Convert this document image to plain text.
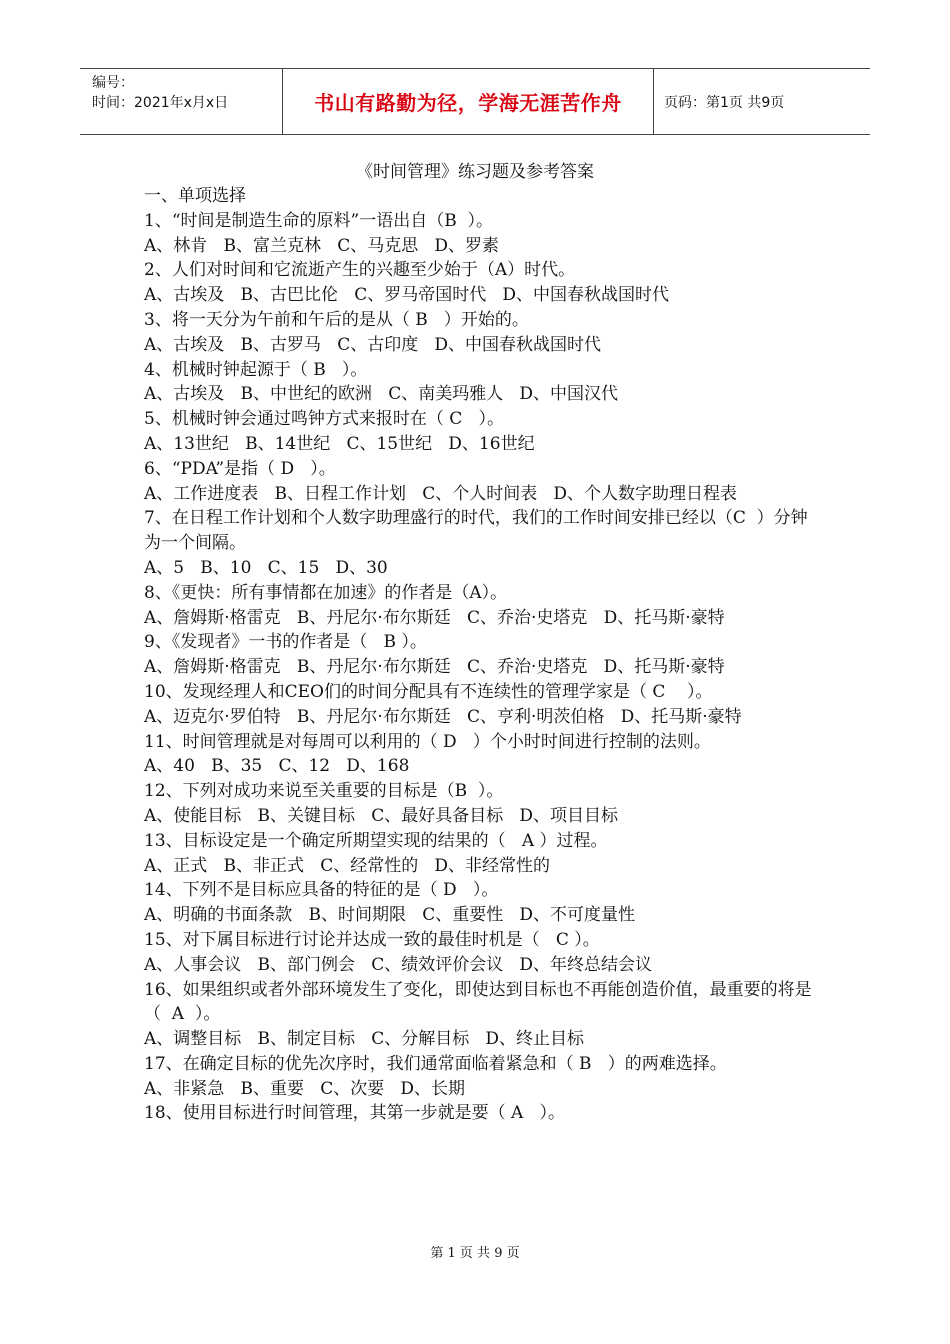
编号：
时间：2021年x月x日	书山有路勤为径，学海无涯苦作舟	页码：第1页 共9页
《时间管理》练习题及参考答案
一、单项选择
1、“时间是制造生命的原料”一语出自（B  ）。
A、林肯   B、富兰克林   C、马克思   D、罗素
2、人们对时间和它流逝产生的兴趣至少始于（A）时代。
A、古埃及   B、古巴比伦   C、罗马帝国时代   D、中国春秋战国时代
3、将一天分为午前和午后的是从（ B   ）开始的。
A、古埃及   B、古罗马   C、古印度   D、中国春秋战国时代
4、机械时钟起源于（ B   ）。
A、古埃及   B、中世纪的欧洲   C、南美玛雅人   D、中国汉代
5、机械时钟会通过鸣钟方式来报时在（ C   ）。
A、13世纪   B、14世纪   C、15世纪   D、16世纪
6、“PDA”是指（ D   ）。
A、工作进度表   B、日程工作计划   C、个人时间表   D、个人数字助理日程表
7、在日程工作计划和个人数字助理盛行的时代，我们的工作时间安排已经以（C  ）分钟为一个间隔。
A、5   B、10   C、15   D、30
8、《更快：所有事情都在加速》的作者是（A）。
A、詹姆斯·格雷克   B、丹尼尔·布尔斯廷   C、乔治·史塔克   D、托马斯·豪特
9、《发现者》一书的作者是（   B ）。
A、詹姆斯·格雷克   B、丹尼尔·布尔斯廷   C、乔治·史塔克   D、托马斯·豪特
10、发现经理人和CEO们的时间分配具有不连续性的管理学家是（ C    ）。
A、迈克尔·罗伯特   B、丹尼尔·布尔斯廷   C、亨利·明茨伯格   D、托马斯·豪特
11、时间管理就是对每周可以利用的（ D   ）个小时时间进行控制的法则。
A、40   B、35   C、12   D、168
12、下列对成功来说至关重要的目标是（B  ）。
A、使能目标   B、关键目标   C、最好具备目标   D、项目目标
13、目标设定是一个确定所期望实现的结果的（   A ）过程。
A、正式   B、非正式   C、经常性的   D、非经常性的
14、下列不是目标应具备的特征的是（ D   ）。
A、明确的书面条款   B、时间期限   C、重要性   D、不可度量性
15、对下属目标进行讨论并达成一致的最佳时机是（   C ）。
A、人事会议   B、部门例会   C、绩效评价会议   D、年终总结会议
16、如果组织或者外部环境发生了变化，即使达到目标也不再能创造价值，最重要的将是（  A  ）。
A、调整目标   B、制定目标   C、分解目标   D、终止目标
17、在确定目标的优先次序时，我们通常面临着紧急和（ B   ）的两难选择。
A、非紧急   B、重要   C、次要   D、长期
18、使用目标进行时间管理，其第一步就是要（ A   ）。
第 1 页 共 9 页
